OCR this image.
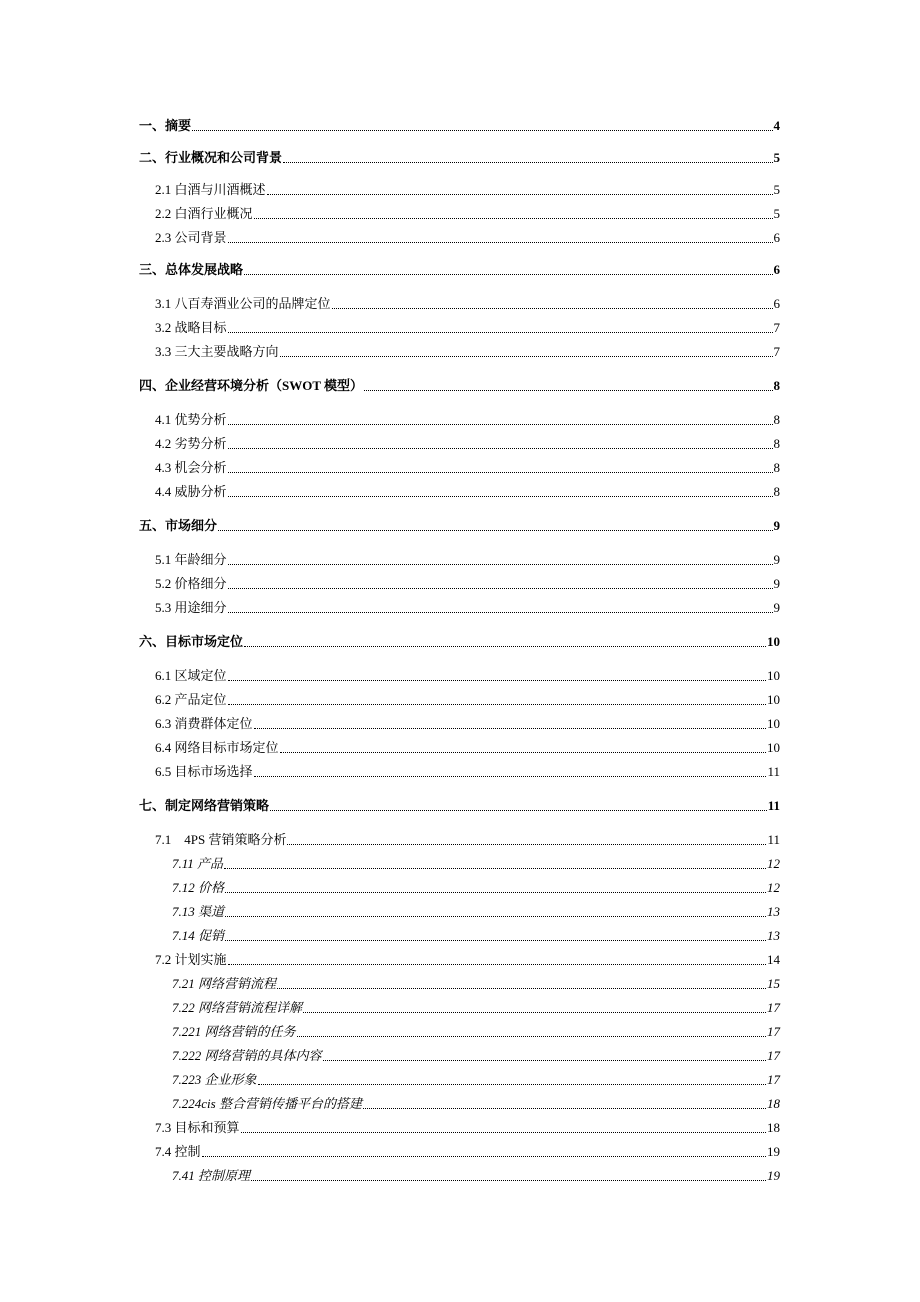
一、摘要	4
二、行业概况和公司背景	5
2.1 白酒与川酒概述	5
2.2 白酒行业概况	5
2.3 公司背景	6
三、总体发展战略	6
3.1 八百寿酒业公司的品牌定位	6
3.2 战略目标	7
3.3 三大主要战略方向	7
四、企业经营环境分析（SWOT 模型）	8
4.1 优势分析	8
4.2 劣势分析	8
4.3 机会分析	8
4.4 威胁分析	8
五、市场细分	9
5.1 年龄细分	9
5.2 价格细分	9
5.3 用途细分	9
六、目标市场定位	10
6.1 区域定位	10
6.2 产品定位	10
6.3 消费群体定位	10
6.4 网络目标市场定位	10
6.5 目标市场选择	11
七、制定网络营销策略	11
7.1　4PS 营销策略分析	11
7.11 产品	12
7.12 价格	12
7.13 渠道	13
7.14 促销	13
7.2 计划实施	14
7.21 网络营销流程	15
7.22 网络营销流程详解	17
7.221 网络营销的任务	17
7.222 网络营销的具体内容	17
7.223 企业形象	17
7.224cis 整合营销传播平台的搭建	18
7.3 目标和预算	18
7.4 控制	19
7.41 控制原理	19
